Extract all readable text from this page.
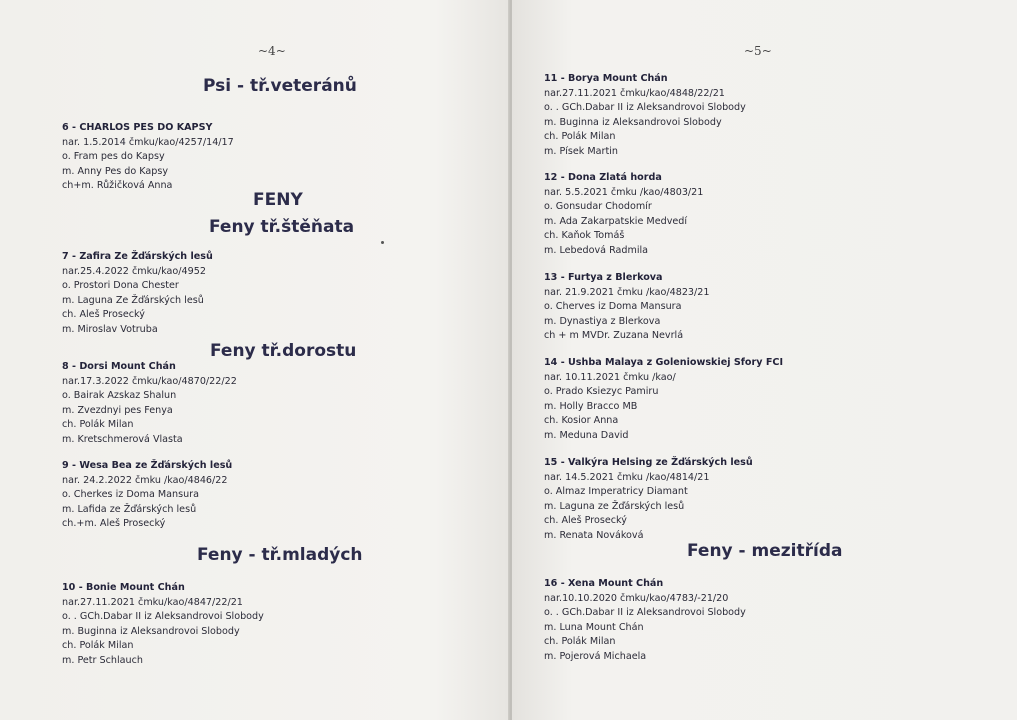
~4~
Psi - tř.veteránů
6 - CHARLOS PES DO KAPSY
nar. 1.5.2014 čmku/kao/4257/14/17
o. Fram pes do Kapsy
m. Anny Pes do Kapsy
ch+m. Růžičková Anna
FENY
Feny tř.štěňata
7 - Zafira Ze Žďárských lesů
nar.25.4.2022 čmku/kao/4952
o. Prostori Dona Chester
m. Laguna Ze Žďárských lesů
ch. Aleš Prosecký
m. Miroslav Votruba
Feny tř.dorostu
8 - Dorsi Mount Chán
nar.17.3.2022 čmku/kao/4870/22/22
o. Bairak Azskaz Shalun
m. Zvezdnyi pes Fenya
ch. Polák Milan
m. Kretschmerová Vlasta
9 - Wesa Bea ze Žďárských lesů
nar. 24.2.2022 čmku /kao/4846/22
o. Cherkes iz Doma Mansura
m. Lafida ze Žďárských lesů
ch.+m. Aleš Prosecký
Feny - tř.mladých
10 - Bonie Mount Chán
nar.27.11.2021 čmku/kao/4847/22/21
o. . GCh.Dabar II iz Aleksandrovoi Slobody
m. Buginna iz Aleksandrovoi Slobody
ch. Polák Milan
m. Petr Schlauch
~5~
11 - Borya Mount Chán
nar.27.11.2021 čmku/kao/4848/22/21
o. . GCh.Dabar II iz Aleksandrovoi Slobody
m. Buginna iz Aleksandrovoi Slobody
ch. Polák Milan
m. Písek Martin
12 - Dona Zlatá horda
nar. 5.5.2021 čmku /kao/4803/21
o. Gonsudar Chodomír
m. Ada Zakarpatskie Medvedí
ch. Kaňok Tomáš
m. Lebedová Radmila
13 - Furtya z Blerkova
nar. 21.9.2021 čmku /kao/4823/21
o. Cherves iz Doma Mansura
m. Dynastiya z Blerkova
ch + m MVDr. Zuzana Nevrlá
14 - Ushba Malaya z Goleniowskiej Sfory FCI
nar. 10.11.2021 čmku /kao/
o. Prado Ksiezyc Pamiru
m. Holly Bracco MB
ch. Kosior Anna
m. Meduna David
15 - Valkýra Helsing ze Žďárských lesů
nar. 14.5.2021 čmku /kao/4814/21
o. Almaz Imperatricy Diamant
m. Laguna ze Žďárských lesů
ch. Aleš Prosecký
m. Renata Nováková
Feny - mezitřída
16 - Xena Mount Chán
nar.10.10.2020 čmku/kao/4783/-21/20
o. . GCh.Dabar II iz Aleksandrovoi Slobody
m. Luna Mount Chán
ch. Polák Milan
m. Pojerová Michaela
